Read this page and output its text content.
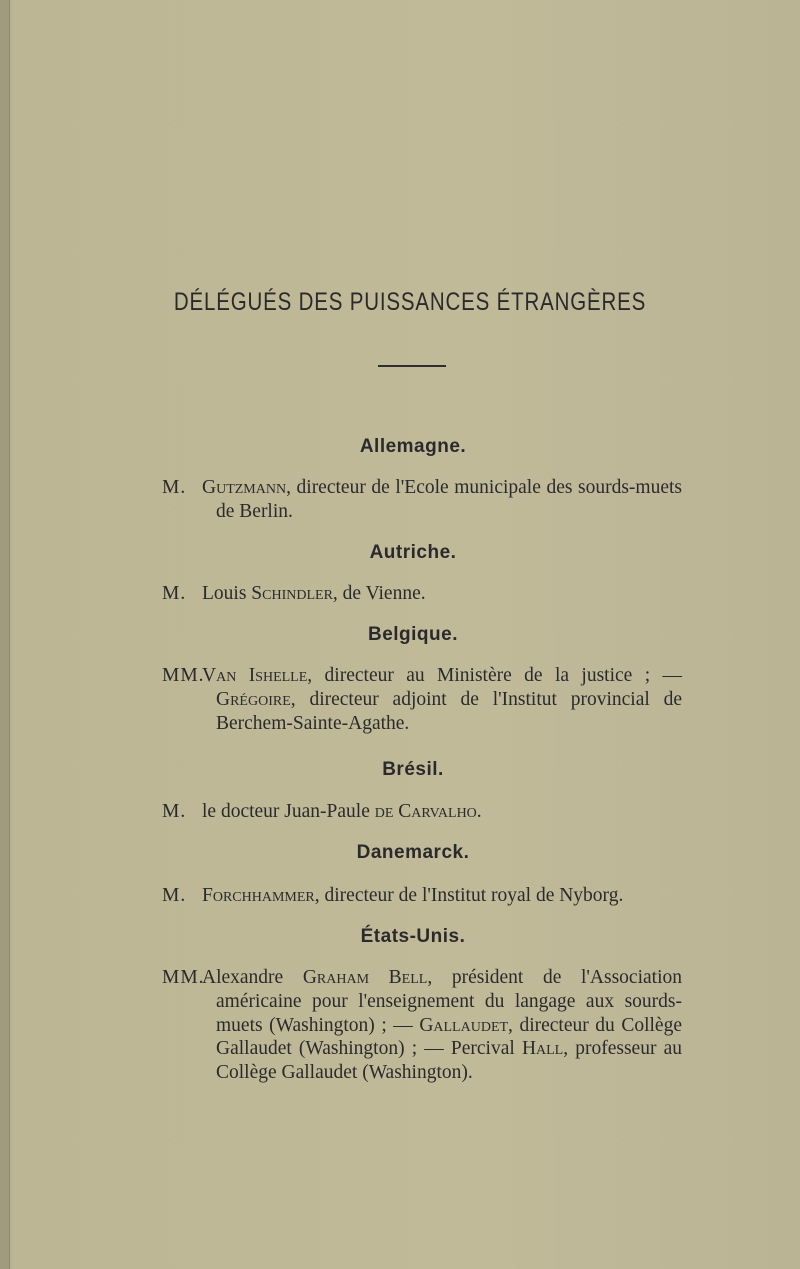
DÉLÉGUÉS DES PUISSANCES ÉTRANGÈRES
Allemagne.
M. Gutzmann, directeur de l'Ecole municipale des sourds-muets de Berlin.
Autriche.
M. Louis Schindler, de Vienne.
Belgique.
MM.
Van Ishelle, directeur au Ministère de la justice ; — Grégoire, directeur adjoint de l'Institut provincial de Berchem-Sainte-Agathe.
Brésil.
M. le docteur Juan-Paule de Carvalho.
Danemarck.
M. Forchhammer, directeur de l'Institut royal de Nyborg.
États-Unis.
MM.
Alexandre Graham Bell, président de l'Association américaine pour l'enseignement du langage aux sourds-muets (Washington) ; — Gallaudet, directeur du Collège Gallaudet (Washington) ; — Percival Hall, professeur au Collège Gallaudet (Washington).
